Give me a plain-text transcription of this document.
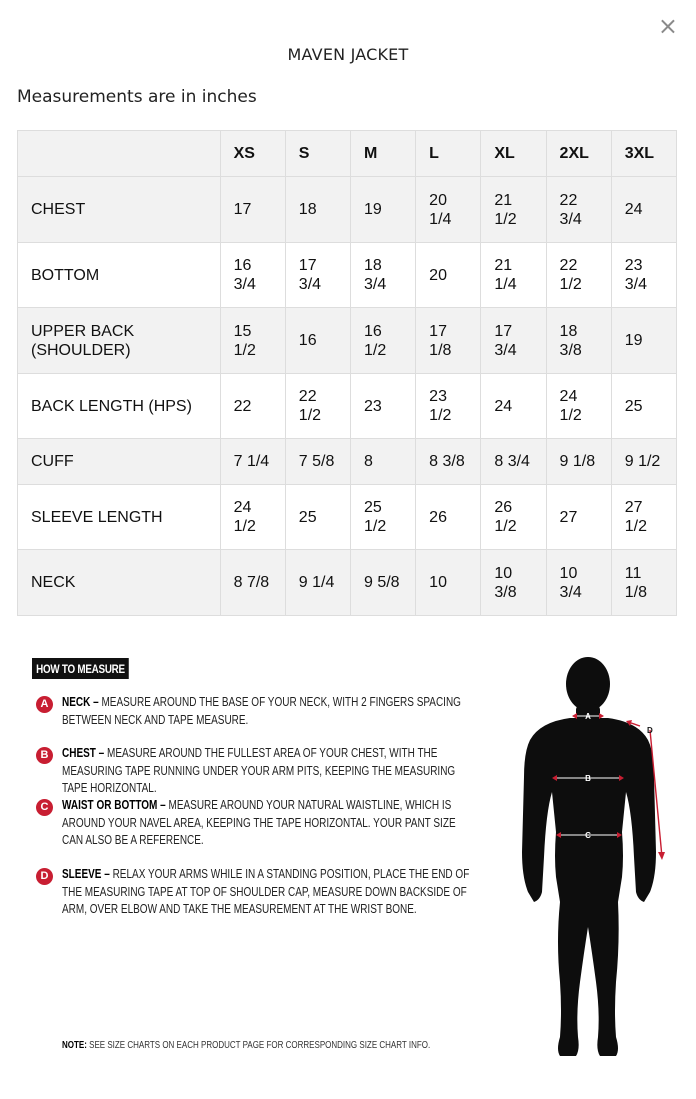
×
MAVEN JACKET
Measurements are in inches
	XS	S	M	L	XL	2XL	3XL
CHEST	17	18	19	20 1/4	21 1/2	22 3/4	24
BOTTOM	16 3/4	17 3/4	18 3/4	20	21 1/4	22 1/2	23 3/4
UPPER BACK (SHOULDER)	15 1/2	16	16 1/2	17 1/8	17 3/4	18 3/8	19
BACK LENGTH (HPS)	22	22 1/2	23	23 1/2	24	24 1/2	25
CUFF	7 1/4	7 5/8	8	8 3/8	8 3/4	9 1/8	9 1/2
SLEEVE LENGTH	24 1/2	25	25 1/2	26	26 1/2	27	27 1/2
NECK	8 7/8	9 1/4	9 5/8	10	10 3/8	10 3/4	11 1/8
HOW TO MEASURE
A	NECK – MEASURE AROUND THE BASE OF YOUR NECK, WITH 2 FINGERS SPACING BETWEEN NECK AND TAPE MEASURE.
B	CHEST – MEASURE AROUND THE FULLEST AREA OF YOUR CHEST, WITH THE MEASURING TAPE RUNNING UNDER YOUR ARM PITS, KEEPING THE MEASURING TAPE HORIZONTAL.
C	WAIST OR BOTTOM – MEASURE AROUND YOUR NATURAL WAISTLINE, WHICH IS AROUND YOUR NAVEL AREA, KEEPING THE TAPE HORIZONTAL. YOUR PANT SIZE CAN ALSO BE A REFERENCE.
D	SLEEVE – RELAX YOUR ARMS WHILE IN A STANDING POSITION, PLACE THE END OF THE MEASURING TAPE AT TOP OF SHOULDER CAP, MEASURE DOWN BACKSIDE OF ARM, OVER ELBOW AND TAKE THE MEASUREMENT AT THE WRIST BONE.
NOTE: SEE SIZE CHARTS ON EACH PRODUCT PAGE FOR CORRESPONDING SIZE CHART INFO.
A
B
C
D
